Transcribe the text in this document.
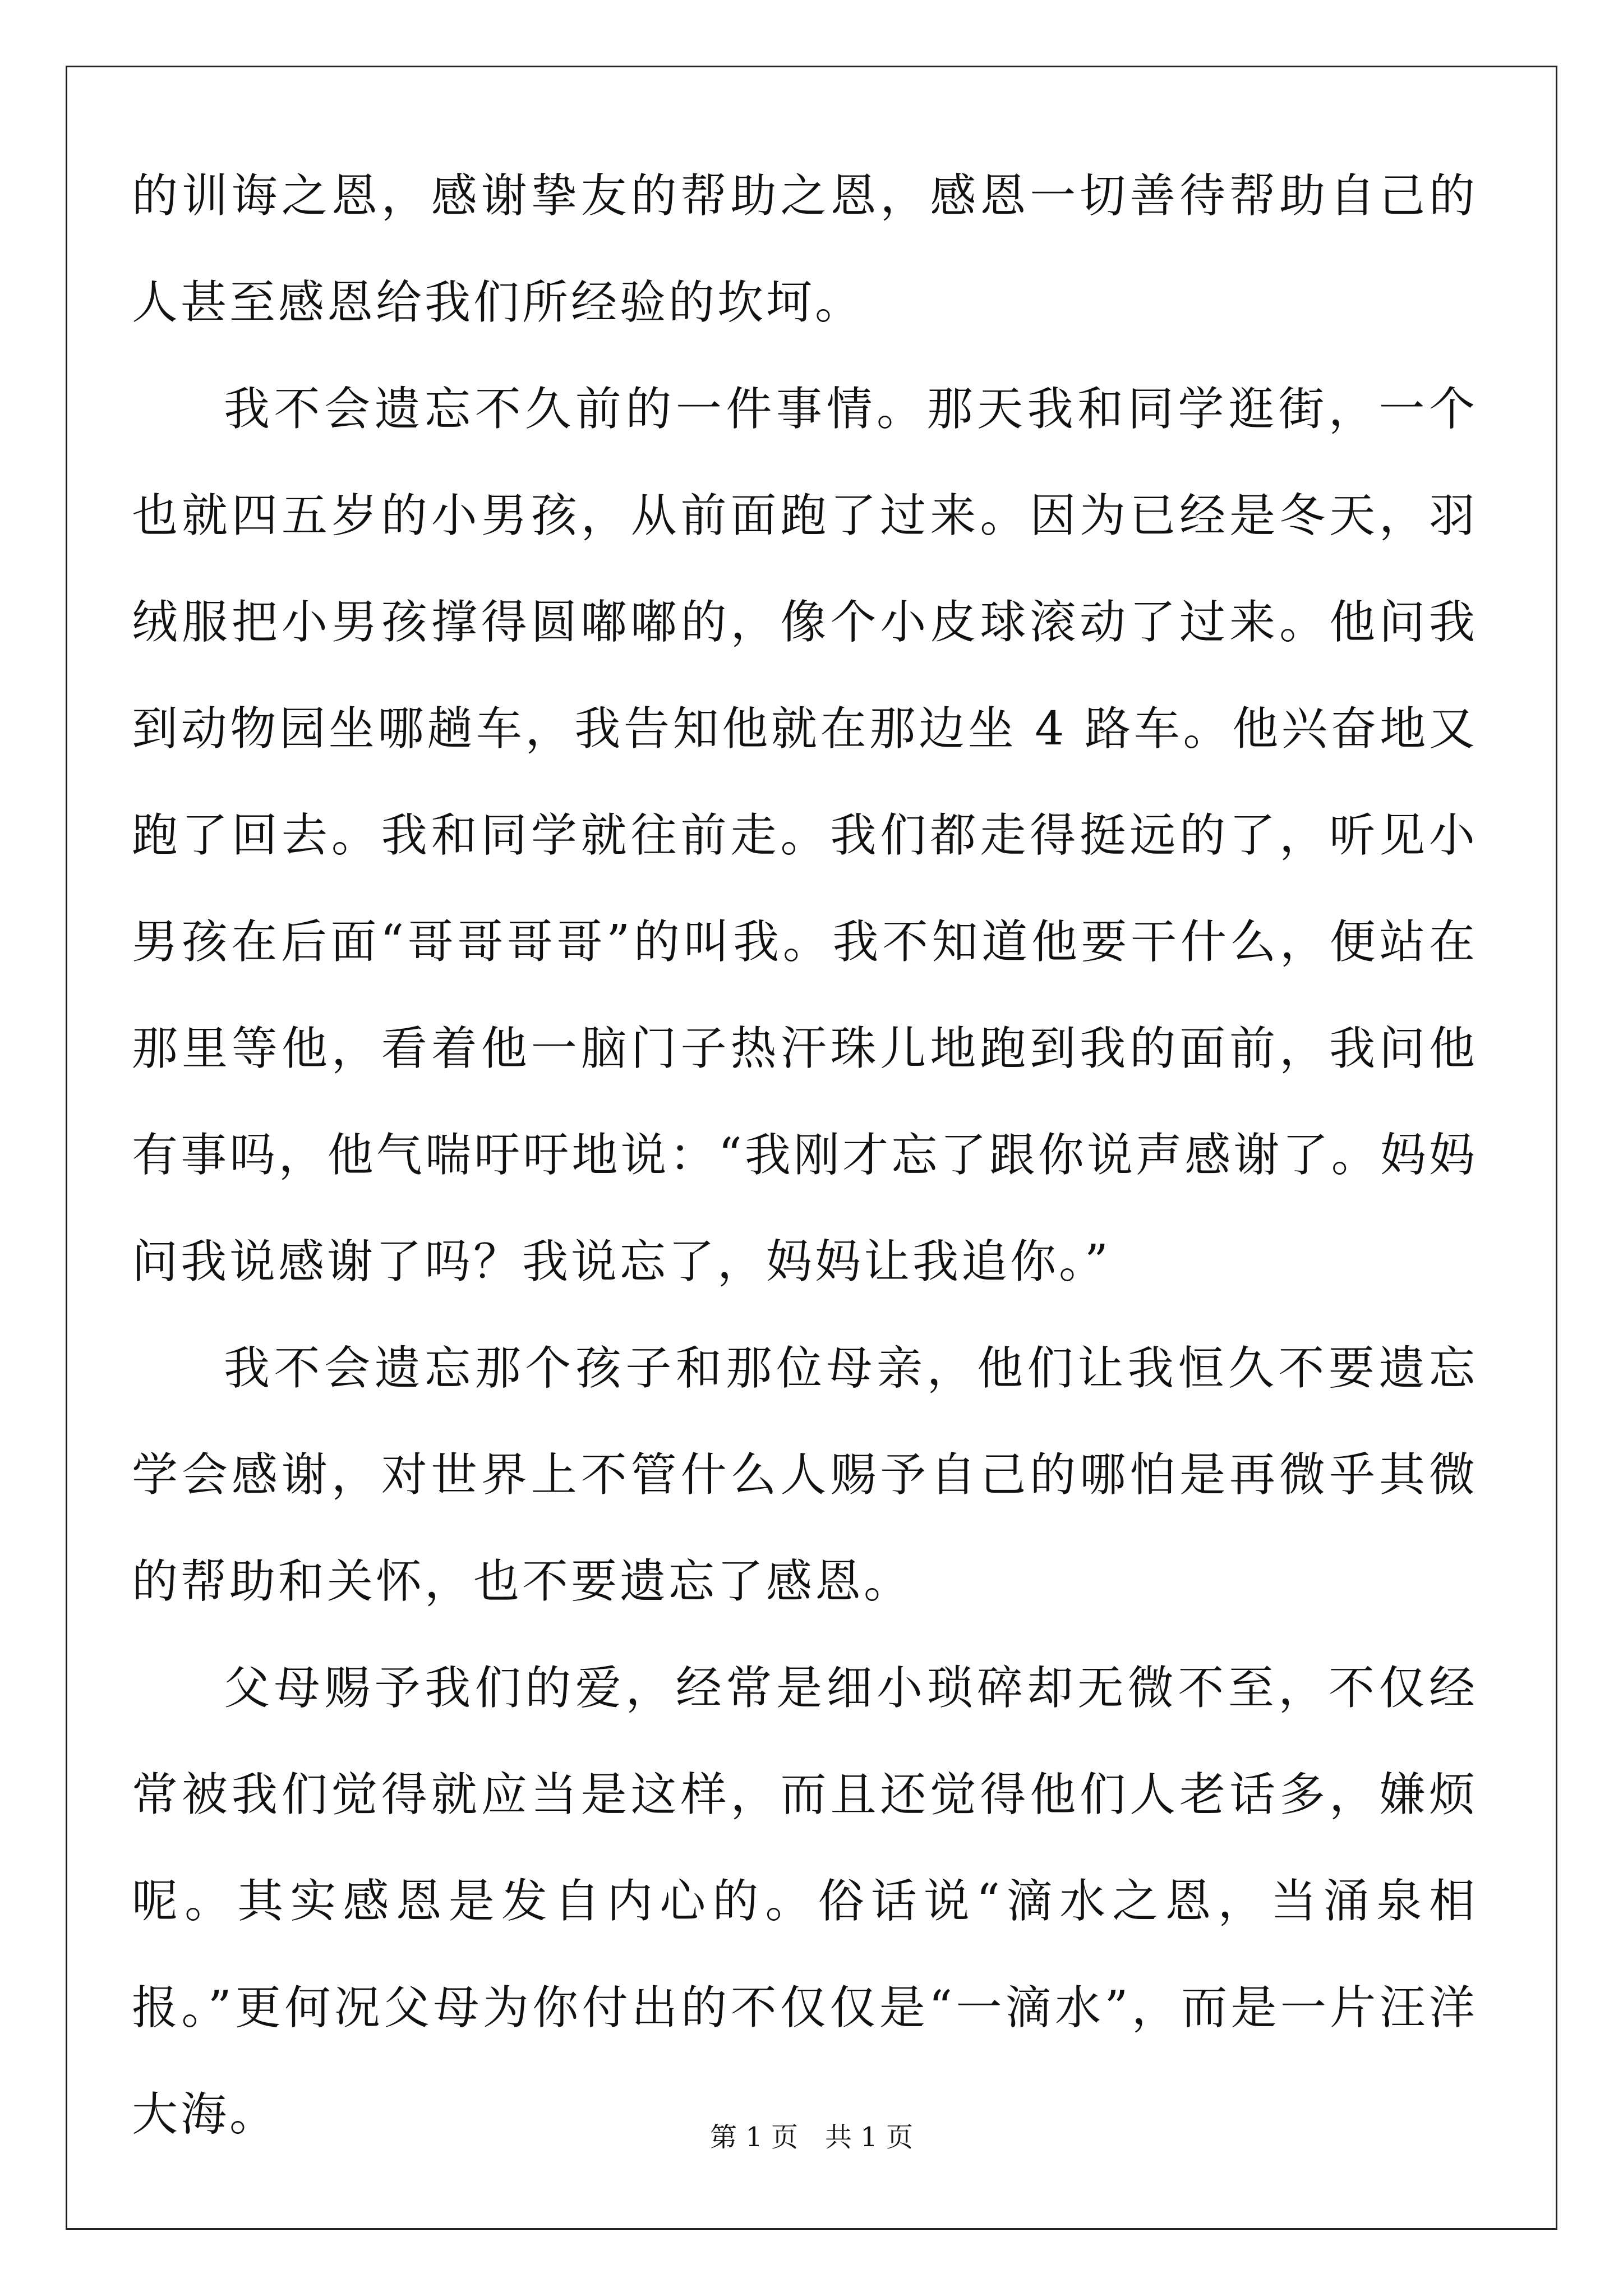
的训诲之恩，感谢挚友的帮助之恩，感恩一切善待帮助自己的人甚至感恩给我们所经验的坎坷。

我不会遗忘不久前的一件事情。那天我和同学逛街，一个也就四五岁的小男孩，从前面跑了过来。因为已经是冬天，羽绒服把小男孩撑得圆嘟嘟的，像个小皮球滚动了过来。他问我到动物园坐哪趟车，我告知他就在那边坐 4 路车。他兴奋地又跑了回去。我和同学就往前走。我们都走得挺远的了，听见小男孩在后面“哥哥哥哥”的叫我。我不知道他要干什么，便站在那里等他，看着他一脑门子热汗珠儿地跑到我的面前，我问他有事吗，他气喘吁吁地说：“我刚才忘了跟你说声感谢了。妈妈问我说感谢了吗？我说忘了，妈妈让我追你。”

我不会遗忘那个孩子和那位母亲，他们让我恒久不要遗忘学会感谢，对世界上不管什么人赐予自己的哪怕是再微乎其微的帮助和关怀，也不要遗忘了感恩。

父母赐予我们的爱，经常是细小琐碎却无微不至，不仅经常被我们觉得就应当是这样，而且还觉得他们人老话多，嫌烦呢。其实感恩是发自内心的。俗话说“滴水之恩，当涌泉相报。”更何况父母为你付出的不仅仅是“一滴水”，而是一片汪洋大海。	第 1 页 共 1 页
